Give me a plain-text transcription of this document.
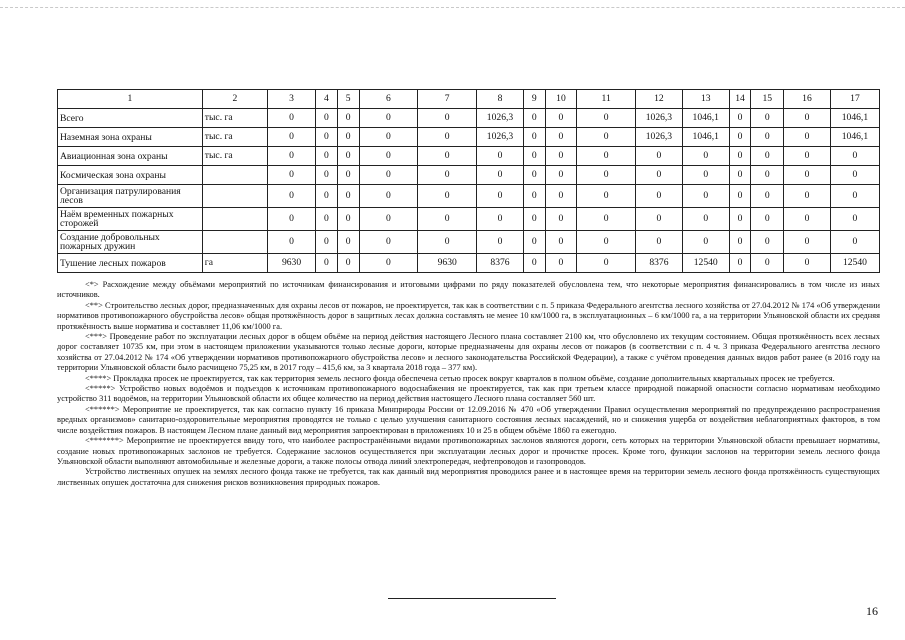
1	2	3	4	5	6	7	8	9	10	11	12	13	14	15	16	17
Всего	тыс. га	0	0	0	0	0	1026,3	0	0	0	1026,3	1046,1	0	0	0	1046,1
Наземная зона охраны	тыс. га	0	0	0	0	0	1026,3	0	0	0	1026,3	1046,1	0	0	0	1046,1
Авиационная зона охраны	тыс. га	0	0	0	0	0	0	0	0	0	0	0	0	0	0	0
Космическая зона охраны		0	0	0	0	0	0	0	0	0	0	0	0	0	0	0
Организация патрулирования лесов		0	0	0	0	0	0	0	0	0	0	0	0	0	0	0
Наём временных пожарных сторожей		0	0	0	0	0	0	0	0	0	0	0	0	0	0	0
Создание добровольных пожарных дружин		0	0	0	0	0	0	0	0	0	0	0	0	0	0	0
Тушение лесных пожаров	га	9630	0	0	0	9630	8376	0	0	0	8376	12540	0	0	0	12540

<*> Расхождение между объёмами мероприятий по источникам финансирования и итоговыми цифрами по ряду показателей обусловлена тем, что некоторые мероприятия финансировались в том числе из иных источников.

<**> Строительство лесных дорог, предназначенных для охраны лесов от пожаров, не проектируется, так как в соответствии с п. 5 приказа Федерального агентства лесного хозяйства от 27.04.2012 № 174 «Об утверждении нормативов противопожарного обустройства лесов» общая протяжённость дорог в защитных лесах должна составлять не менее 10 км/1000 га, в эксплуатационных – 6 км/1000 га, а на территории Ульяновской области их средняя протяжённость выше норматива и составляет 11,06 км/1000 га.

<***> Проведение работ по эксплуатации лесных дорог в общем объёме на период действия настоящего Лесного плана составляет 2100 км, что обусловлено их текущим состоянием. Общая протяжённость всех лесных дорог составляет 10735 км, при этом в настоящем приложении указываются только лесные дороги, которые предназначены для охраны лесов от пожаров (в соответствии с п. 4 ч. 3 приказа Федерального агентства лесного хозяйства от 27.04.2012 № 174 «Об утверждении нормативов противопожарного обустройства лесов» и лесного законодательства Российской Федерации), а также с учётом проведения данных видов работ ранее (в 2016 году на территории Ульяновской области было расчищено 75,25 км, в 2017 году – 415,6 км, за 3 квартала 2018 года – 377 км).

<****> Прокладка просек не проектируется, так как территория земель лесного фонда обеспечена сетью просек вокруг кварталов в полном объёме, создание дополнительных квартальных просек не требуется.

<*****> Устройство новых водоёмов и подъездов к источникам противопожарного водоснабжения не проектируется, так как при третьем классе природной пожарной опасности согласно нормативам необходимо устройство 311 водоёмов, на территории Ульяновской области их общее количество на период действия настоящего Лесного плана составляет 560 шт.

<******> Мероприятие не проектируется, так как согласно пункту 16 приказа Минприроды России от 12.09.2016 № 470 «Об утверждении Правил осуществления мероприятий по предупреждению распространения вредных организмов» санитарно-оздоровительные мероприятия проводятся не только с целью улучшения санитарного состояния лесных насаждений, но и снижения ущерба от воздействия неблагоприятных факторов, в том числе воздействия пожаров. В настоящем Лесном плане данный вид мероприятия запроектирован в приложениях 10 и 25 в общем объёме 1860 га ежегодно.

<*******> Мероприятие не проектируется ввиду того, что наиболее распространёнными видами противопожарных заслонов являются дороги, сеть которых на территории Ульяновской области превышает нормативы, создание новых противопожарных заслонов не требуется. Содержание заслонов осуществляется при эксплуатации лесных дорог и прочистке просек. Кроме того, функции заслонов на территории земель лесного фонда Ульяновской области выполняют автомобильные и железные дороги, а также полосы отвода линий электропередач, нефтепроводов и газопроводов.

Устройство лиственных опушек на землях лесного фонда также не требуется, так как данный вид мероприятия проводился ранее и в настоящее время на территории земель лесного фонда протяжённость существующих лиственных опушек достаточна для снижения рисков возникновения природных пожаров.

16
